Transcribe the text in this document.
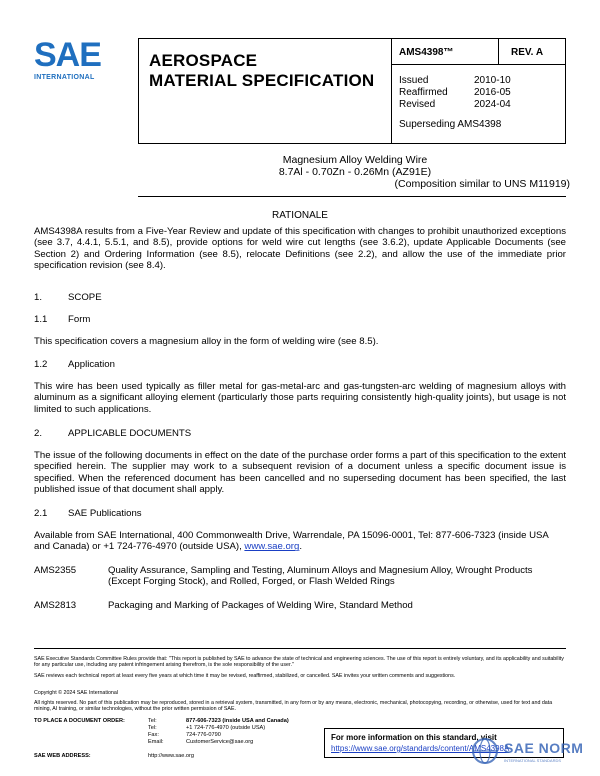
SAE
INTERNATIONAL
AEROSPACE
MATERIAL SPECIFICATION
AMS4398™	REV. A
Issued	2010-10
Reaffirmed	2016-05
Revised	2024-04
Superseding AMS4398
Magnesium Alloy Welding Wire
8.7Al - 0.70Zn - 0.26Mn (AZ91E)
(Composition similar to UNS M11919)
RATIONALE
AMS4398A results from a Five-Year Review and update of this specification with changes to prohibit unauthorized exceptions (see 3.7, 4.4.1, 5.5.1, and 8.5), provide options for weld wire cut lengths (see 3.6.2), update Applicable Documents (see Section 2) and Ordering Information (see 8.5), relocate Definitions (see 2.2), and allow the use of the immediate prior specification revision (see 8.4).
1.	SCOPE
1.1 Form
This specification covers a magnesium alloy in the form of welding wire (see 8.5).
1.2 Application
This wire has been used typically as filler metal for gas-metal-arc and gas-tungsten-arc welding of magnesium alloys with aluminum as a significant alloying element (particularly those parts requiring consistently high-quality joints), but usage is not limited to such applications.
2.	APPLICABLE DOCUMENTS
The issue of the following documents in effect on the date of the purchase order forms a part of this specification to the extent specified herein. The supplier may work to a subsequent revision of a document unless a specific document issue is specified. When the referenced document has been cancelled and no superseding document has been specified, the last published issue of that document shall apply.
2.1 SAE Publications
Available from SAE International, 400 Commonwealth Drive, Warrendale, PA 15096-0001, Tel: 877-606-7323 (inside USA and Canada) or +1 724-776-4970 (outside USA), www.sae.org.
AMS2355	Quality Assurance, Sampling and Testing, Aluminum Alloys and Magnesium Alloy, Wrought Products (Except Forging Stock), and Rolled, Forged, or Flash Welded Rings
AMS2813	Packaging and Marking of Packages of Welding Wire, Standard Method
SAE Executive Standards Committee Rules provide that: "This report is published by SAE to advance the state of technical and engineering sciences. The use of this report is entirely voluntary, and its applicability and suitability for any particular use, including any patent infringement arising therefrom, is the sole responsibility of the user."
SAE reviews each technical report at least every five years at which time it may be revised, reaffirmed, stabilized, or cancelled. SAE invites your written comments and suggestions.
Copyright © 2024 SAE International
All rights reserved. No part of this publication may be reproduced, stored in a retrieval system, transmitted, in any form or by any means, electronic, mechanical, photocopying, recording, or otherwise, used for text and data mining, AI training, or similar technologies, without the prior written permission of SAE.
TO PLACE A DOCUMENT ORDER:	Tel:	877-606-7323 (inside USA and Canada)
Tel:	+1 724-776-4970 (outside USA)
Fax:	724-776-0790
Email:	CustomerService@sae.org
SAE WEB ADDRESS:	http://www.sae.org
For more information on this standard, visit
https://www.sae.org/standards/content/AMS4398A
SAE NORM
INTERNATIONAL STANDARDS
